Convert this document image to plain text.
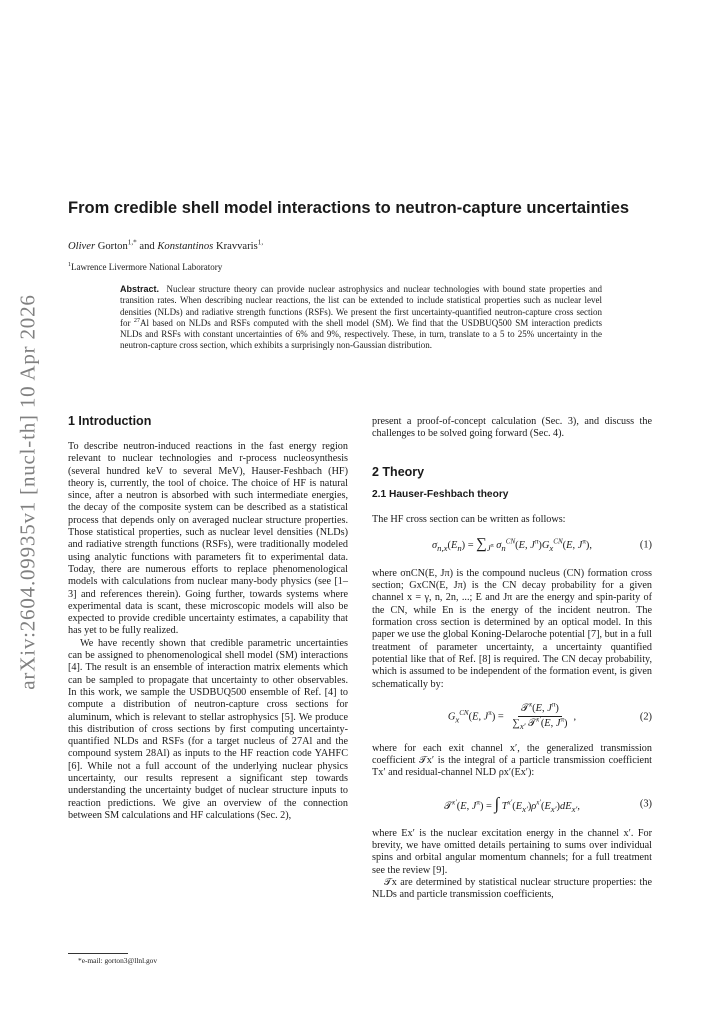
arXiv:2604.09935v1 [nucl-th] 10 Apr 2026
From credible shell model interactions to neutron-capture uncertainties
Oliver Gorton$^{1,*}$ and Konstantinos Kravvaris$^{1,}$
$^1$Lawrence Livermore National Laboratory

Abstract. Nuclear structure theory can provide nuclear astrophysics and nuclear technologies with bound state properties and transition rates. When describing nuclear reactions, the list can be extended to include statistical properties such as nuclear level densities (NLDs) and radiative strength functions (RSFs). We present the first uncertainty-quantified neutron-capture cross section for $^{27}$Al based on NLDs and RSFs computed with the shell model (SM). We find that the USDBUQ500 SM interaction predicts NLDs and RSFs with constant uncertainties of 6% and 9%, respectively. These, in turn, translate to a 5 to 25% uncertainty in the neutron-capture cross section, which exhibits a surprisingly non-Gaussian distribution.

1 Introduction

To describe neutron-induced reactions in the fast energy region relevant to nuclear technologies and r-process nucleosynthesis (several hundred keV to several MeV), Hauser-Feshbach (HF) theory is, currently, the tool of choice. The choice of HF is natural since, after a neutron is absorbed with such intermediate energies, the decay of the composite system can be described as a statistical process that depends only on averaged nuclear structure properties. Those statistical properties, such as nuclear level densities (NLDs) and radiative strength functions (RSFs), were traditionally modeled using analytic functions with parameters fit to experimental data. Today, there are numerous efforts to replace phenomenological models with calculations from nuclear many-body physics (see [1–3] and references therein). Going further, towards systems where experimental data is scant, these microscopic models will also be expected to provide credible uncertainty estimates, a capability that has yet to be fully realized.

We have recently shown that credible parametric uncertainties can be assigned to phenomenological shell model (SM) interactions [4]. The result is an ensemble of interaction matrix elements which can be sampled to propagate that uncertainty to other observables. In this work, we sample the USDBUQ500 ensemble of Ref. [4] to compute a distribution of neutron-capture cross sections for aluminum, which is relevant to stellar astrophysics [5]. We produce this distribution of cross sections by first computing uncertainty-quantified NLDs and RSFs (for a target nucleus of 27Al and the compound system 28Al) as inputs to the HF reaction code YAHFC [6]. While not a full account of the underlying nuclear physics uncertainty, our results represent a significant step towards understanding the uncertainty budget of nuclear structure inputs to reaction predictions. We give an overview of the connection between SM calculations and HF calculations (Sec. 2),

present a proof-of-concept calculation (Sec. 3), and discuss the challenges to be solved going forward (Sec. 4).

2 Theory
2.1 Hauser-Feshbach theory

The HF cross section can be written as follows:

$\sigma_{n,x}(E_n) = \sum_{J^\pi}$ $\sigma_n^{CN}(E$, $J^\pi)G_x^{CN}(E$, $J^\pi$),	(1)

where σnCN(E, Jπ) is the compound nucleus (CN) formation cross section; GxCN(E, Jπ) is the CN decay probability for a given channel x = γ, n, 2n, ...; E and Jπ are the energy and spin-parity of the CN, while En is the energy of the incident neutron. The formation cross section is determined by an optical model. In this paper we use the global Koning-Delaroche potential [7], but in a full treatment of parameter uncertainty, a uncertainty quantified potential like that of Ref. [8] is required. The CN decay probability, which is assumed to be independent of the formation event, is given schematically by:

$G_x^{CN}(E$, $J^\pi) = \frac{𝒯^x(E, J^\pi)}{\sum_{x'} 𝒯^{x'}(E, J^\pi)}$ ,	(2)

where for each exit channel x′, the generalized transmission coefficient 𝒯x′ is the integral of a particle transmission coefficient Tx′ and residual-channel NLD ρx′(Ex′):

𝒯$^{x'}$(E, $J^\pi$) = ∫ $T^{x'}(E_{x'})\rho^{x'}(E_{x'})dE_{x'}$,	(3)

where Ex′ is the nuclear excitation energy in the channel x′. For brevity, we have omitted details pertaining to sums over individual spins and orbital angular momentum channels; for a full treatment see the review [9].

𝒯x are determined by statistical nuclear structure properties: the NLDs and particle transmission coefficients,

*e-mail: gorton3@llnl.gov
